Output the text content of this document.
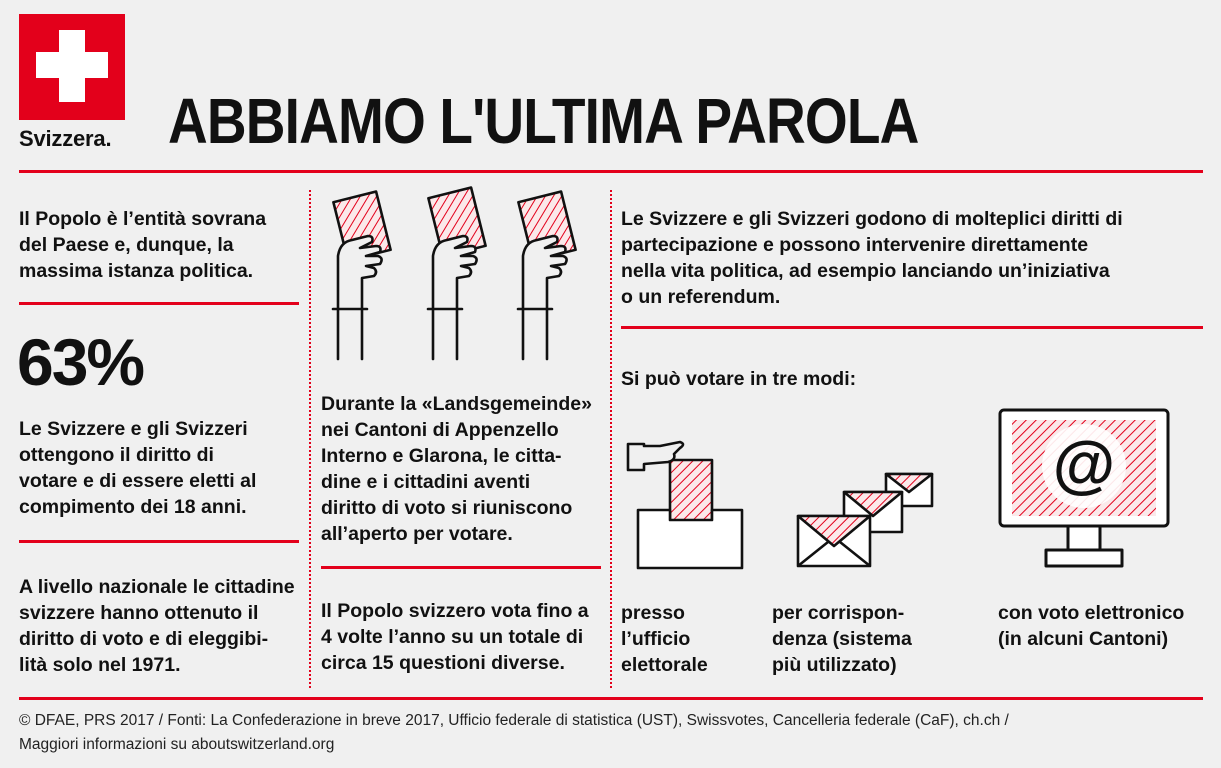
Svizzera. ABBIAMO L'ULTIMA PAROLA
Il Popolo è l’entità sovrana
del Paese e, dunque, la
massima istanza politica.
63%
Le Svizzere e gli Svizzeri
ottengono il diritto di
votare e di essere eletti al
compimento dei 18 anni.
A livello nazionale le cittadine
svizzere hanno ottenuto il
diritto di voto e di eleggibi-
lità solo nel 1971.
Durante la «Landsgemeinde»
nei Cantoni di Appenzello
Interno e Glarona, le citta-
dine e i cittadini aventi
diritto di voto si riuniscono
all’aperto per votare.
Il Popolo svizzero vota fino a
4 volte l’anno su un totale di
circa 15 questioni diverse.
Le Svizzere e gli Svizzeri godono di molteplici diritti di
partecipazione e possono intervenire direttamente
nella vita politica, ad esempio lanciando un’iniziativa
o un referendum.
Si può votare in tre modi:
presso
l’ufficio
elettorale
per corrispon-
denza (sistema
più utilizzato)
@
con voto elettronico
(in alcuni Cantoni)
© DFAE, PRS 2017 / Fonti: La Confederazione in breve 2017, Ufficio federale di statistica (UST), Swissvotes, Cancelleria federale (CaF), ch.ch /
Maggiori informazioni su aboutswitzerland.org
